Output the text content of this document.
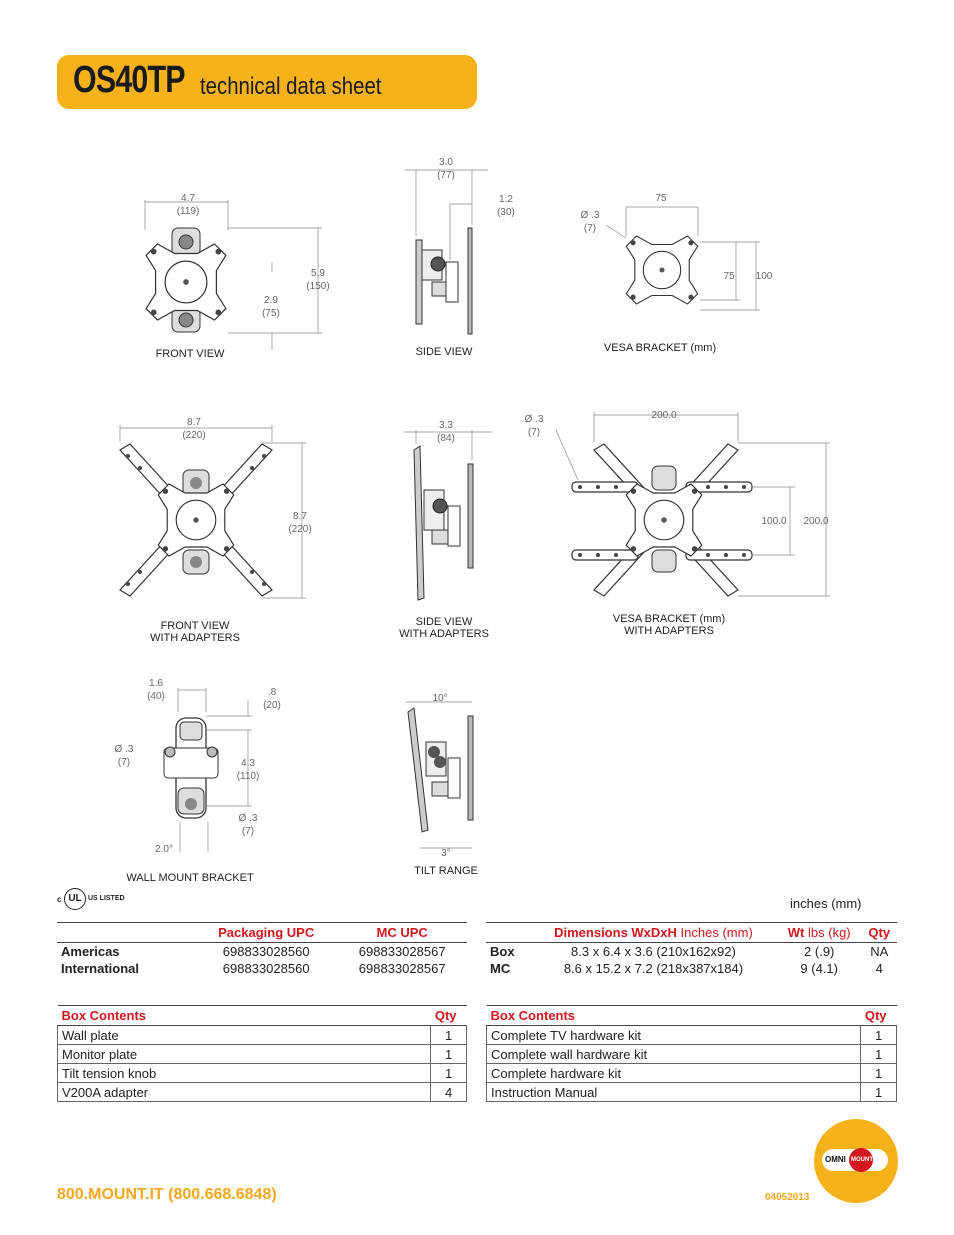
OS40TP technical data sheet
FRONT VIEW	SIDE VIEW	VESA BRACKET (mm)
FRONT VIEW
WITH ADAPTERS
SIDE VIEW
WITH ADAPTERS
VESA BRACKET (mm)
WITH ADAPTERS
WALL MOUNT BRACKET
TILT RANGE
4.7
(119)
5.9
(150)
2.9
(75)
3.0
(77)
1.2
(30)	Ø .3
(7)
75
75	100
8.7
(220)
8.7
(220)
3.3
(84)
Ø .3
(7)
200.0
100.0	200.0
1.6
(40)	.8
(20)
Ø .3
(7)	4.3
(110)
Ø .3
(7)
2.0°
10°
3°
c UL US LISTED	inches (mm)
	Packaging UPC	MC UPC
Americas	698833028560	698833028567
International	698833028560	698833028567
	Dimensions WxDxH Inches (mm)	Wt lbs (kg)	Qty
Box	8.3 x 6.4 x 3.6 (210x162x92)	2 (.9)	NA
MC	8.6 x 15.2 x 7.2 (218x387x184)	9 (4.1)	4
Box Contents	Qty
Wall plate	1
Monitor plate	1
Tilt tension knob	1
V200A adapter	4
Box Contents	Qty
Complete TV hardware kit	1
Complete wall hardware kit	1
Complete hardware kit	1
Instruction Manual	1
OMNI MOUNT
800.MOUNT.IT (800.668.6848)	04052013
